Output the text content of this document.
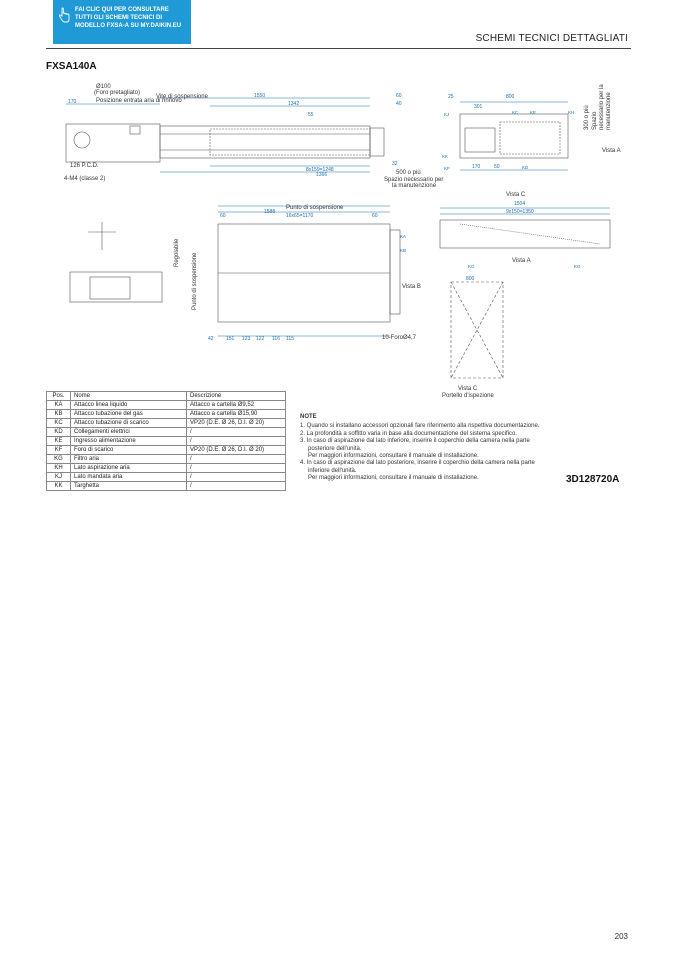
FAI CLIC QUI PER CONSULTARE
TUTTI GLI SCHEMI TECNICI DI
MODELLO FXSA-A SU MY.DAIKIN.EU
SCHEMI TECNICI DETTAGLIATI
FXSA140A
Ø100
(Foro pretagliato)
Vite di sospensione
Posizione entrata aria di rinnovo
126 P.C.D.
4-M4 (classe 2)
500 o più
Spazio necessario per
la manutenzione
300 o più Spazio necessario per la manutenzione
Vista A
Vista C
Vista A
Vista B
Regolabile Punto di sospensione
Punto di sospensione
10-ForoØ4,7
Vista C
Portello d'ispezione
170
1550
1342
55
60
40
8x159=1248
1366
32
25	800
301
170	50
1588
60	16x65=1170	60
1504
9x150=1350
800
42 151 123 122 116 115
KJ	KC	KE	KH
KK
KF	KD
KA
KB
KG	KG
Pos.	Nome	Descrizione
KA	Attacco linea liquido	Attacco a cartella Ø9,52
KB	Attacco tubazione del gas	Attacco a cartella Ø15,90
KC	Attacco tubazione di scarico	VP20 (D.E. Ø 26, D.I. Ø 20)
KD	Collegamenti elettrici	/
KE	Ingresso alimentazione	/
KF	Foro di scarico	VP20 (D.E. Ø 26, D.I. Ø 20)
KG	Filtro aria	/
KH	Lato aspirazione aria	/
KJ	Lato mandata aria	/
KK	Targhetta	/
NOTE
1. Quando si installano accessori opzionali fare riferimento alla rispettiva documentazione.
2. La profondità a soffitto varia in base alla documentazione del sistema specifico.
3. In caso di aspirazione dal lato inferiore, inserire il coperchio della camera nella parte
posteriore dell'unità.
Per maggiori informazioni, consultare il manuale di installazione.
4. In caso di aspirazione dal lato posteriore, inserire il coperchio della camera nella parte
inferiore dell'unità.
Per maggiori informazioni, consultare il manuale di installazione.	3D128720A
203
